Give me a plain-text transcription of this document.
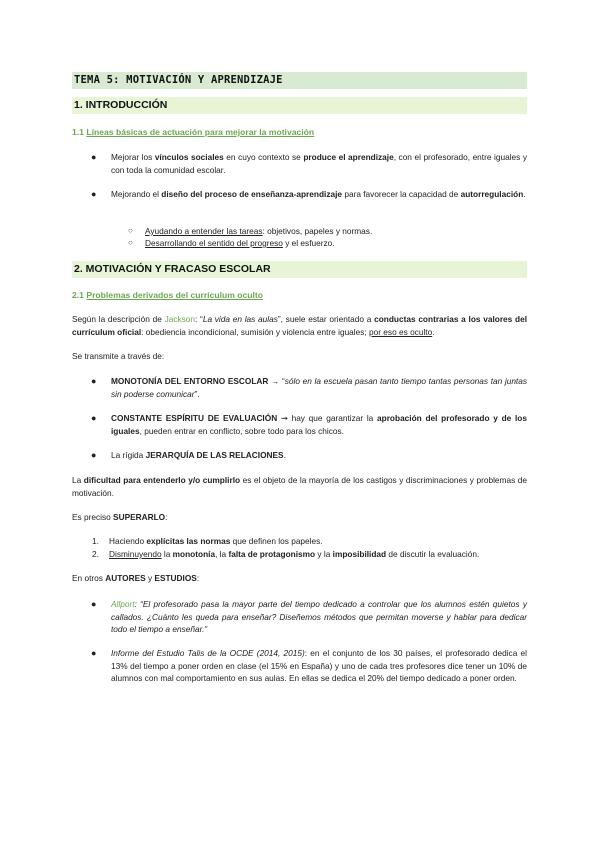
TEMA 5: MOTIVACIÓN Y APRENDIZAJE
1. INTRODUCCIÓN
1.1 Líneas básicas de actuación para mejorar la motivación
● Mejorar los vínculos sociales en cuyo contexto se produce el aprendizaje, con el profesorado, entre iguales y con toda la comunidad escolar.
● Mejorando el diseño del proceso de enseñanza-aprendizaje para favorecer la capacidad de autorregulación.
○ Ayudando a entender las tareas: objetivos, papeles y normas.
○ Desarrollando el sentido del progreso y el esfuerzo.
2. MOTIVACIÓN Y FRACASO ESCOLAR
2.1 Problemas derivados del currículum oculto
Según la descripción de Jackson: “La vida en las aulas”, suele estar orientado a conductas contrarias a los valores del currículum oficial: obediencia incondicional, sumisión y violencia entre iguales; por eso es oculto.
Se transmite a través de:
● MONOTONÍA DEL ENTORNO ESCOLAR → “sólo en la escuela pasan tanto tiempo tantas personas tan juntas sin poderse comunicar”.
● CONSTANTE ESPÍRITU DE EVALUACIÓN ➞ hay que garantizar la aprobación del profesorado y de los iguales, pueden entrar en conflicto, sobre todo para los chicos.
● La rígida JERARQUÍA DE LAS RELACIONES.
La dificultad para entenderlo y/o cumplirlo es el objeto de la mayoría de los castigos y discriminaciones y problemas de motivación.
Es preciso SUPERARLO:
1. Haciendo explícitas las normas que definen los papeles.
2. Disminuyendo la monotonía, la falta de protagonismo y la imposibilidad de discutir la evaluación.
En otros AUTORES y ESTUDIOS:
● Allport: “El profesorado pasa la mayor parte del tiempo dedicado a controlar que los alumnos estén quietos y callados. ¿Cuánto les queda para enseñar? Diseñemos métodos que permitan moverse y hablar para dedicar todo el tiempo a enseñar.”
● Informe del Estudio Talis de la OCDE (2014, 2015): en el conjunto de los 30 países, el profesorado dedica el 13% del tiempo a poner orden en clase (el 15% en España) y uno de cada tres profesores dice tener un 10% de alumnos con mal comportamiento en sus aulas. En ellas se dedica el 20% del tiempo dedicado a poner orden.
